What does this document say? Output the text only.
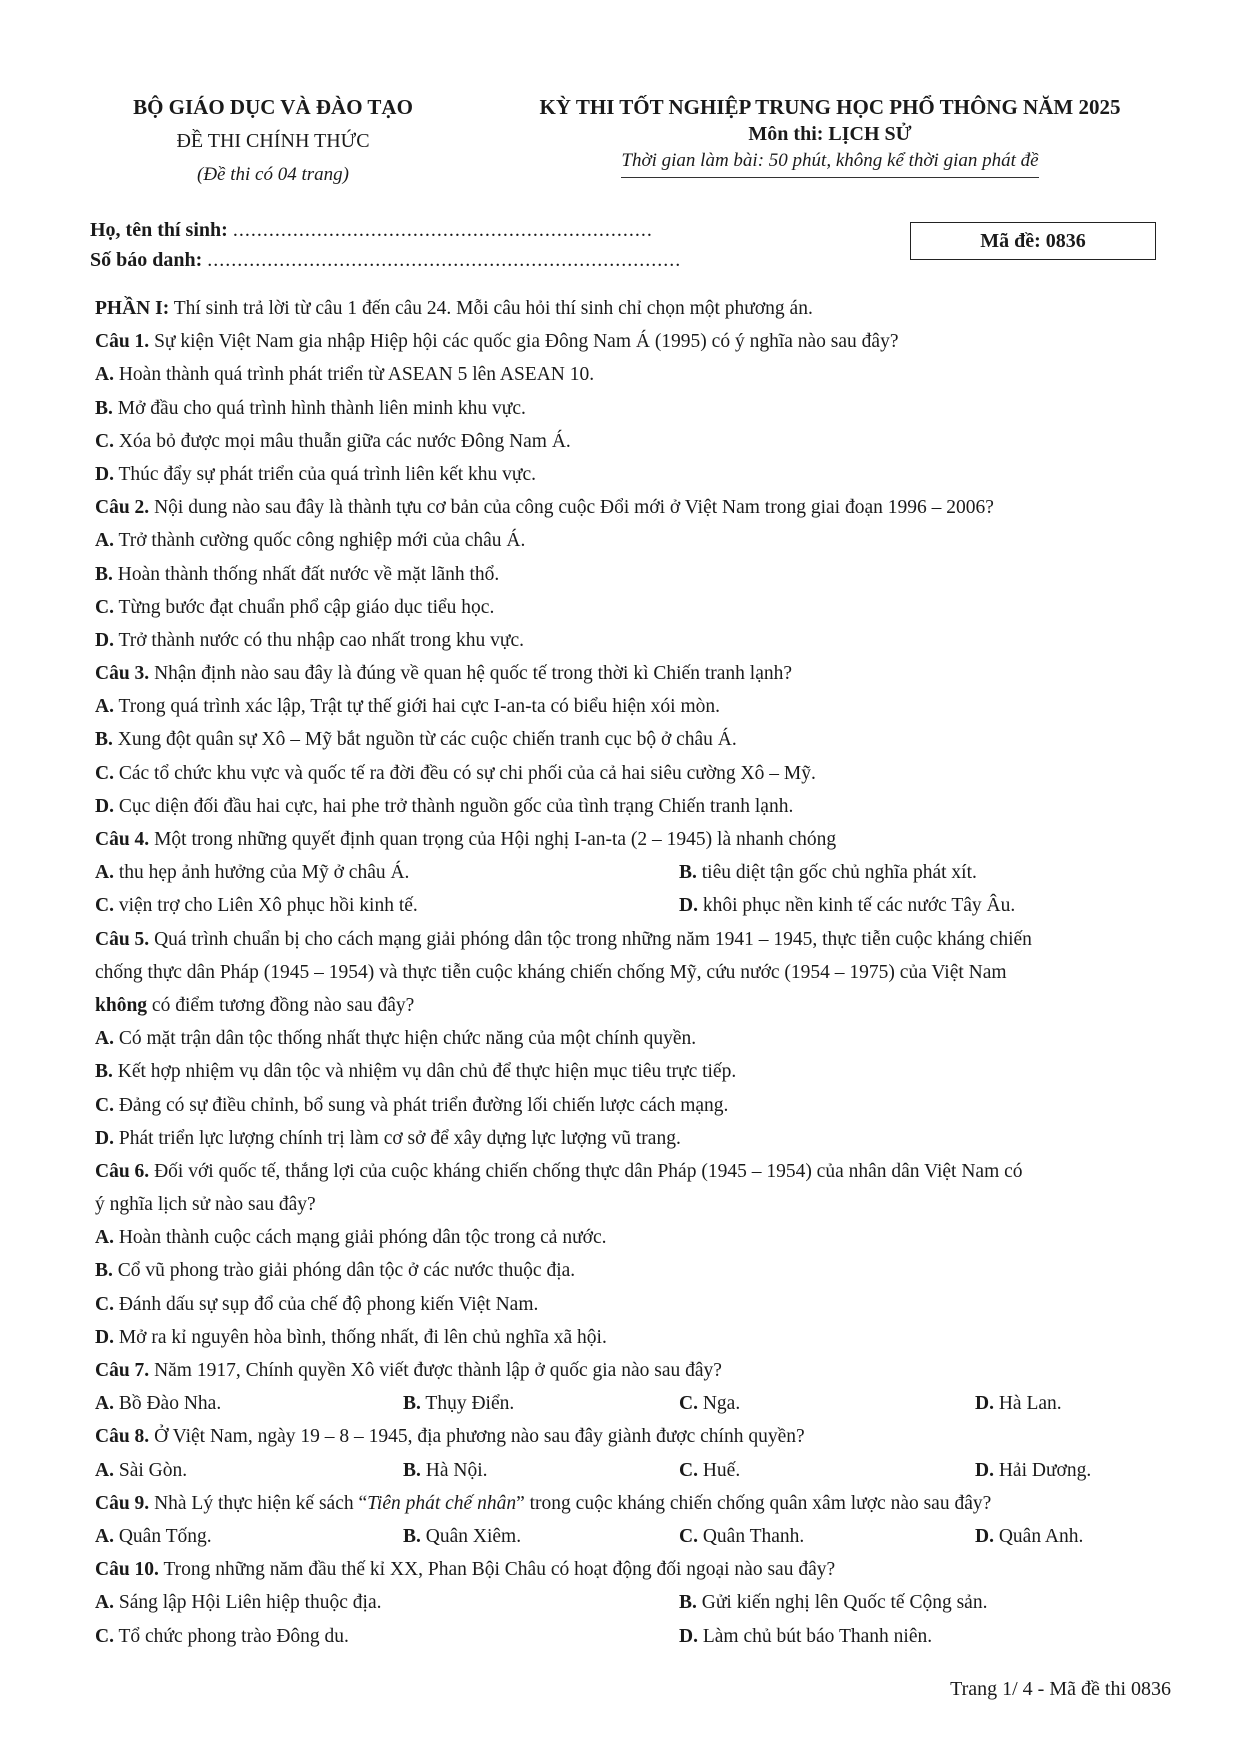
BỘ GIÁO DỤC VÀ ĐÀO TẠO
ĐỀ THI CHÍNH THỨC
(Đề thi có 04 trang)
KỲ THI TỐT NGHIỆP TRUNG HỌC PHỔ THÔNG NĂM 2025
Môn thi: LỊCH SỬ
Thời gian làm bài: 50 phút, không kể thời gian phát đề
Họ, tên thí sinh: ......................................................................
Số báo danh: ...............................................................................
Mã đề: 0836
PHẦN I: Thí sinh trả lời từ câu 1 đến câu 24. Mỗi câu hỏi thí sinh chỉ chọn một phương án.
Câu 1. Sự kiện Việt Nam gia nhập Hiệp hội các quốc gia Đông Nam Á (1995) có ý nghĩa nào sau đây?
A. Hoàn thành quá trình phát triển từ ASEAN 5 lên ASEAN 10.
B. Mở đầu cho quá trình hình thành liên minh khu vực.
C. Xóa bỏ được mọi mâu thuẫn giữa các nước Đông Nam Á.
D. Thúc đẩy sự phát triển của quá trình liên kết khu vực.
Câu 2. Nội dung nào sau đây là thành tựu cơ bản của công cuộc Đổi mới ở Việt Nam trong giai đoạn 1996 – 2006?
A. Trở thành cường quốc công nghiệp mới của châu Á.
B. Hoàn thành thống nhất đất nước về mặt lãnh thổ.
C. Từng bước đạt chuẩn phổ cập giáo dục tiểu học.
D. Trở thành nước có thu nhập cao nhất trong khu vực.
Câu 3. Nhận định nào sau đây là đúng về quan hệ quốc tế trong thời kì Chiến tranh lạnh?
A. Trong quá trình xác lập, Trật tự thế giới hai cực I-an-ta có biểu hiện xói mòn.
B. Xung đột quân sự Xô – Mỹ bắt nguồn từ các cuộc chiến tranh cục bộ ở châu Á.
C. Các tổ chức khu vực và quốc tế ra đời đều có sự chi phối của cả hai siêu cường Xô – Mỹ.
D. Cục diện đối đầu hai cực, hai phe trở thành nguồn gốc của tình trạng Chiến tranh lạnh.
Câu 4. Một trong những quyết định quan trọng của Hội nghị I-an-ta (2 – 1945) là nhanh chóng
A. thu hẹp ảnh hưởng của Mỹ ở châu Á.	B. tiêu diệt tận gốc chủ nghĩa phát xít.
C. viện trợ cho Liên Xô phục hồi kinh tế.	D. khôi phục nền kinh tế các nước Tây Âu.
Câu 5. Quá trình chuẩn bị cho cách mạng giải phóng dân tộc trong những năm 1941 – 1945, thực tiễn cuộc kháng chiến
chống thực dân Pháp (1945 – 1954) và thực tiễn cuộc kháng chiến chống Mỹ, cứu nước (1954 – 1975) của Việt Nam
không có điểm tương đồng nào sau đây?
A. Có mặt trận dân tộc thống nhất thực hiện chức năng của một chính quyền.
B. Kết hợp nhiệm vụ dân tộc và nhiệm vụ dân chủ để thực hiện mục tiêu trực tiếp.
C. Đảng có sự điều chỉnh, bổ sung và phát triển đường lối chiến lược cách mạng.
D. Phát triển lực lượng chính trị làm cơ sở để xây dựng lực lượng vũ trang.
Câu 6. Đối với quốc tế, thắng lợi của cuộc kháng chiến chống thực dân Pháp (1945 – 1954) của nhân dân Việt Nam có
ý nghĩa lịch sử nào sau đây?
A. Hoàn thành cuộc cách mạng giải phóng dân tộc trong cả nước.
B. Cổ vũ phong trào giải phóng dân tộc ở các nước thuộc địa.
C. Đánh dấu sự sụp đổ của chế độ phong kiến Việt Nam.
D. Mở ra kỉ nguyên hòa bình, thống nhất, đi lên chủ nghĩa xã hội.
Câu 7. Năm 1917, Chính quyền Xô viết được thành lập ở quốc gia nào sau đây?
A. Bồ Đào Nha.	B. Thụy Điển.	C. Nga.	D. Hà Lan.
Câu 8. Ở Việt Nam, ngày 19 – 8 – 1945, địa phương nào sau đây giành được chính quyền?
A. Sài Gòn.	B. Hà Nội.	C. Huế.	D. Hải Dương.
Câu 9. Nhà Lý thực hiện kế sách “Tiên phát chế nhân” trong cuộc kháng chiến chống quân xâm lược nào sau đây?
A. Quân Tống.	B. Quân Xiêm.	C. Quân Thanh.	D. Quân Anh.
Câu 10. Trong những năm đầu thế kỉ XX, Phan Bội Châu có hoạt động đối ngoại nào sau đây?
A. Sáng lập Hội Liên hiệp thuộc địa.	B. Gửi kiến nghị lên Quốc tế Cộng sản.
C. Tổ chức phong trào Đông du.	D. Làm chủ bút báo Thanh niên.
Trang 1/ 4 - Mã đề thi 0836
